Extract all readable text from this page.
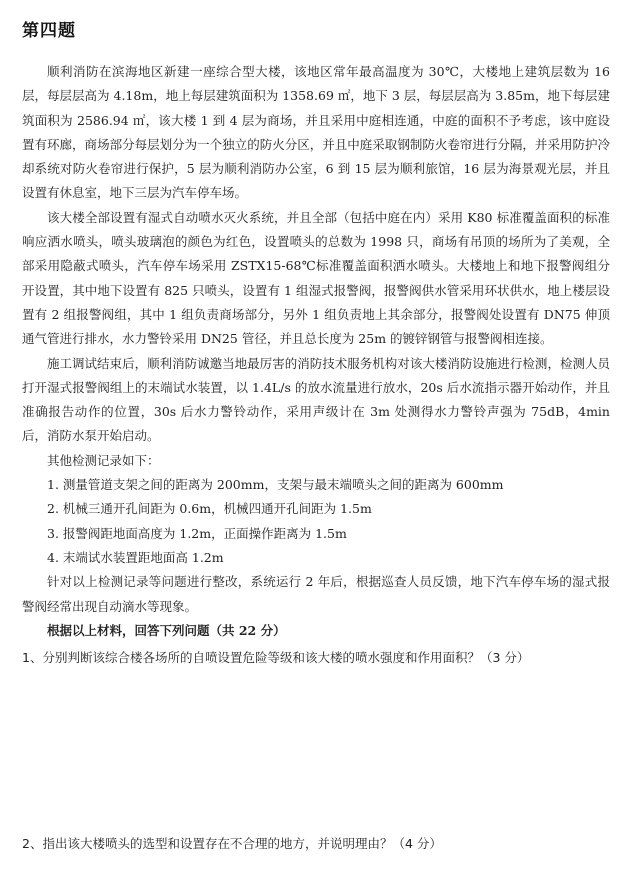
第四题

顺利消防在滨海地区新建一座综合型大楼，该地区常年最高温度为 30℃，大楼地上建筑层数为 16 层，每层层高为 4.18m，地上每层建筑面积为 1358.69 ㎡，地下 3 层，每层层高为 3.85m，地下每层建筑面积为 2586.94 ㎡，该大楼 1 到 4 层为商场，并且采用中庭相连通，中庭的面积不予考虑，该中庭设置有环廊，商场部分每层划分为一个独立的防火分区，并且中庭采取钢制防火卷帘进行分隔，并采用防护冷却系统对防火卷帘进行保护，5 层为顺利消防办公室，6 到 15 层为顺利旅馆，16 层为海景观光层，并且设置有休息室，地下三层为汽车停车场。

该大楼全部设置有湿式自动喷水灭火系统，并且全部（包括中庭在内）采用 K80 标准覆盖面积的标准响应洒水喷头，喷头玻璃泡的颜色为红色，设置喷头的总数为 1998 只，商场有吊顶的场所为了美观，全部采用隐蔽式喷头，汽车停车场采用 ZSTX15-68℃标准覆盖面积洒水喷头。大楼地上和地下报警阀组分开设置，其中地下设置有 825 只喷头，设置有 1 组湿式报警阀，报警阀供水管采用环状供水，地上楼层设置有 2 组报警阀组，其中 1 组负责商场部分，另外 1 组负责地上其余部分，报警阀处设置有 DN75 伸顶通气管进行排水，水力警铃采用 DN25 管径，并且总长度为 25m 的镀锌钢管与报警阀相连接。

施工调试结束后，顺利消防诚邀当地最厉害的消防技术服务机构对该大楼消防设施进行检测，检测人员打开湿式报警阀组上的末端试水装置，以 1.4L/s 的放水流量进行放水，20s 后水流指示器开始动作，并且准确报告动作的位置，30s 后水力警铃动作，采用声级计在 3m 处测得水力警铃声强为 75dB，4min 后，消防水泵开始启动。

其他检测记录如下：

1. 测量管道支架之间的距离为 200mm，支架与最末端喷头之间的距离为 600mm

2. 机械三通开孔间距为 0.6m，机械四通开孔间距为 1.5m

3. 报警阀距地面高度为 1.2m，正面操作距离为 1.5m

4. 末端试水装置距地面高 1.2m

针对以上检测记录等问题进行整改，系统运行 2 年后，根据巡查人员反馈，地下汽车停车场的湿式报警阀经常出现自动滴水等现象。

根据以上材料，回答下列问题（共 22 分）

1、分别判断该综合楼各场所的自喷设置危险等级和该大楼的喷水强度和作用面积？（3 分）
2、指出该大楼喷头的选型和设置存在不合理的地方，并说明理由？（4 分）
